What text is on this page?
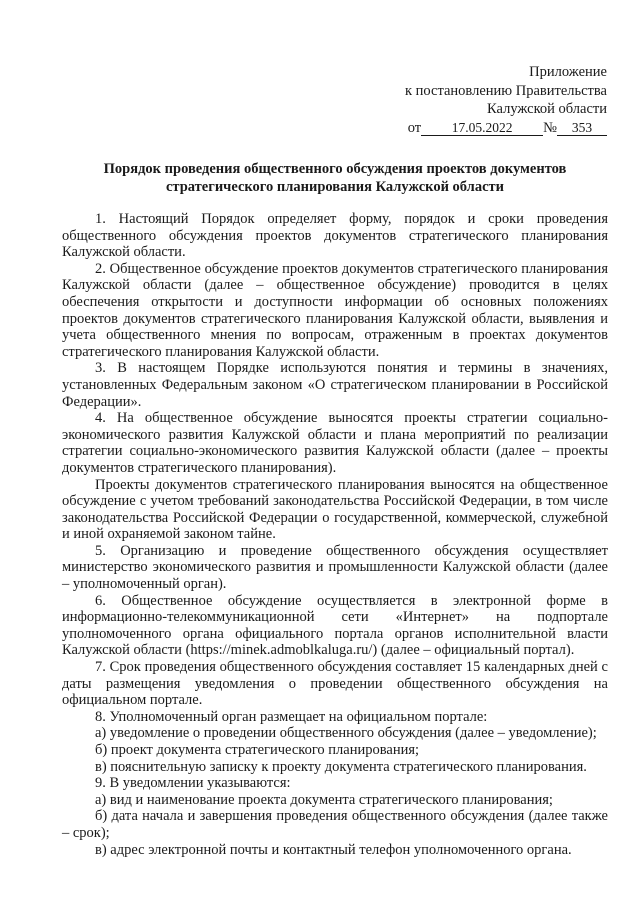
Приложение
к постановлению Правительства
Калужской области
от 17.05.2022 № 353
Порядок проведения общественного обсуждения проектов документов
стратегического планирования Калужской области

1. Настоящий Порядок определяет форму, порядок и сроки проведения общественного обсуждения проектов документов стратегического планирования Калужской области.

2. Общественное обсуждение проектов документов стратегического планирования Калужской области (далее – общественное обсуждение) проводится в целях обеспечения открытости и доступности информации об основных положениях проектов документов стратегического планирования Калужской области, выявления и учета общественного мнения по вопросам, отраженным в проектах документов стратегического планирования Калужской области.

3. В настоящем Порядке используются понятия и термины в значениях, установленных Федеральным законом «О стратегическом планировании в Российской Федерации».

4. На общественное обсуждение выносятся проекты стратегии социально-экономического развития Калужской области и плана мероприятий по реализации стратегии социально-экономического развития Калужской области (далее – проекты документов стратегического планирования).

Проекты документов стратегического планирования выносятся на общественное обсуждение с учетом требований законодательства Российской Федерации, в том числе законодательства Российской Федерации о государственной, коммерческой, служебной и иной охраняемой законом тайне.

5. Организацию и проведение общественного обсуждения осуществляет министерство экономического развития и промышленности Калужской области (далее – уполномоченный орган).

6. Общественное обсуждение осуществляется в электронной форме в информационно-телекоммуникационной сети «Интернет» на подпортале уполномоченного органа официального портала органов исполнительной власти Калужской области (https://minek.admoblkaluga.ru/) (далее – официальный портал).

7. Срок проведения общественного обсуждения составляет 15 календарных дней с даты размещения уведомления о проведении общественного обсуждения на официальном портале.

8. Уполномоченный орган размещает на официальном портале:

а) уведомление о проведении общественного обсуждения (далее – уведомление);

б) проект документа стратегического планирования;

в) пояснительную записку к проекту документа стратегического планирования.

9. В уведомлении указываются:

а) вид и наименование проекта документа стратегического планирования;

б) дата начала и завершения проведения общественного обсуждения (далее также – срок);

в) адрес электронной почты и контактный телефон уполномоченного органа.
